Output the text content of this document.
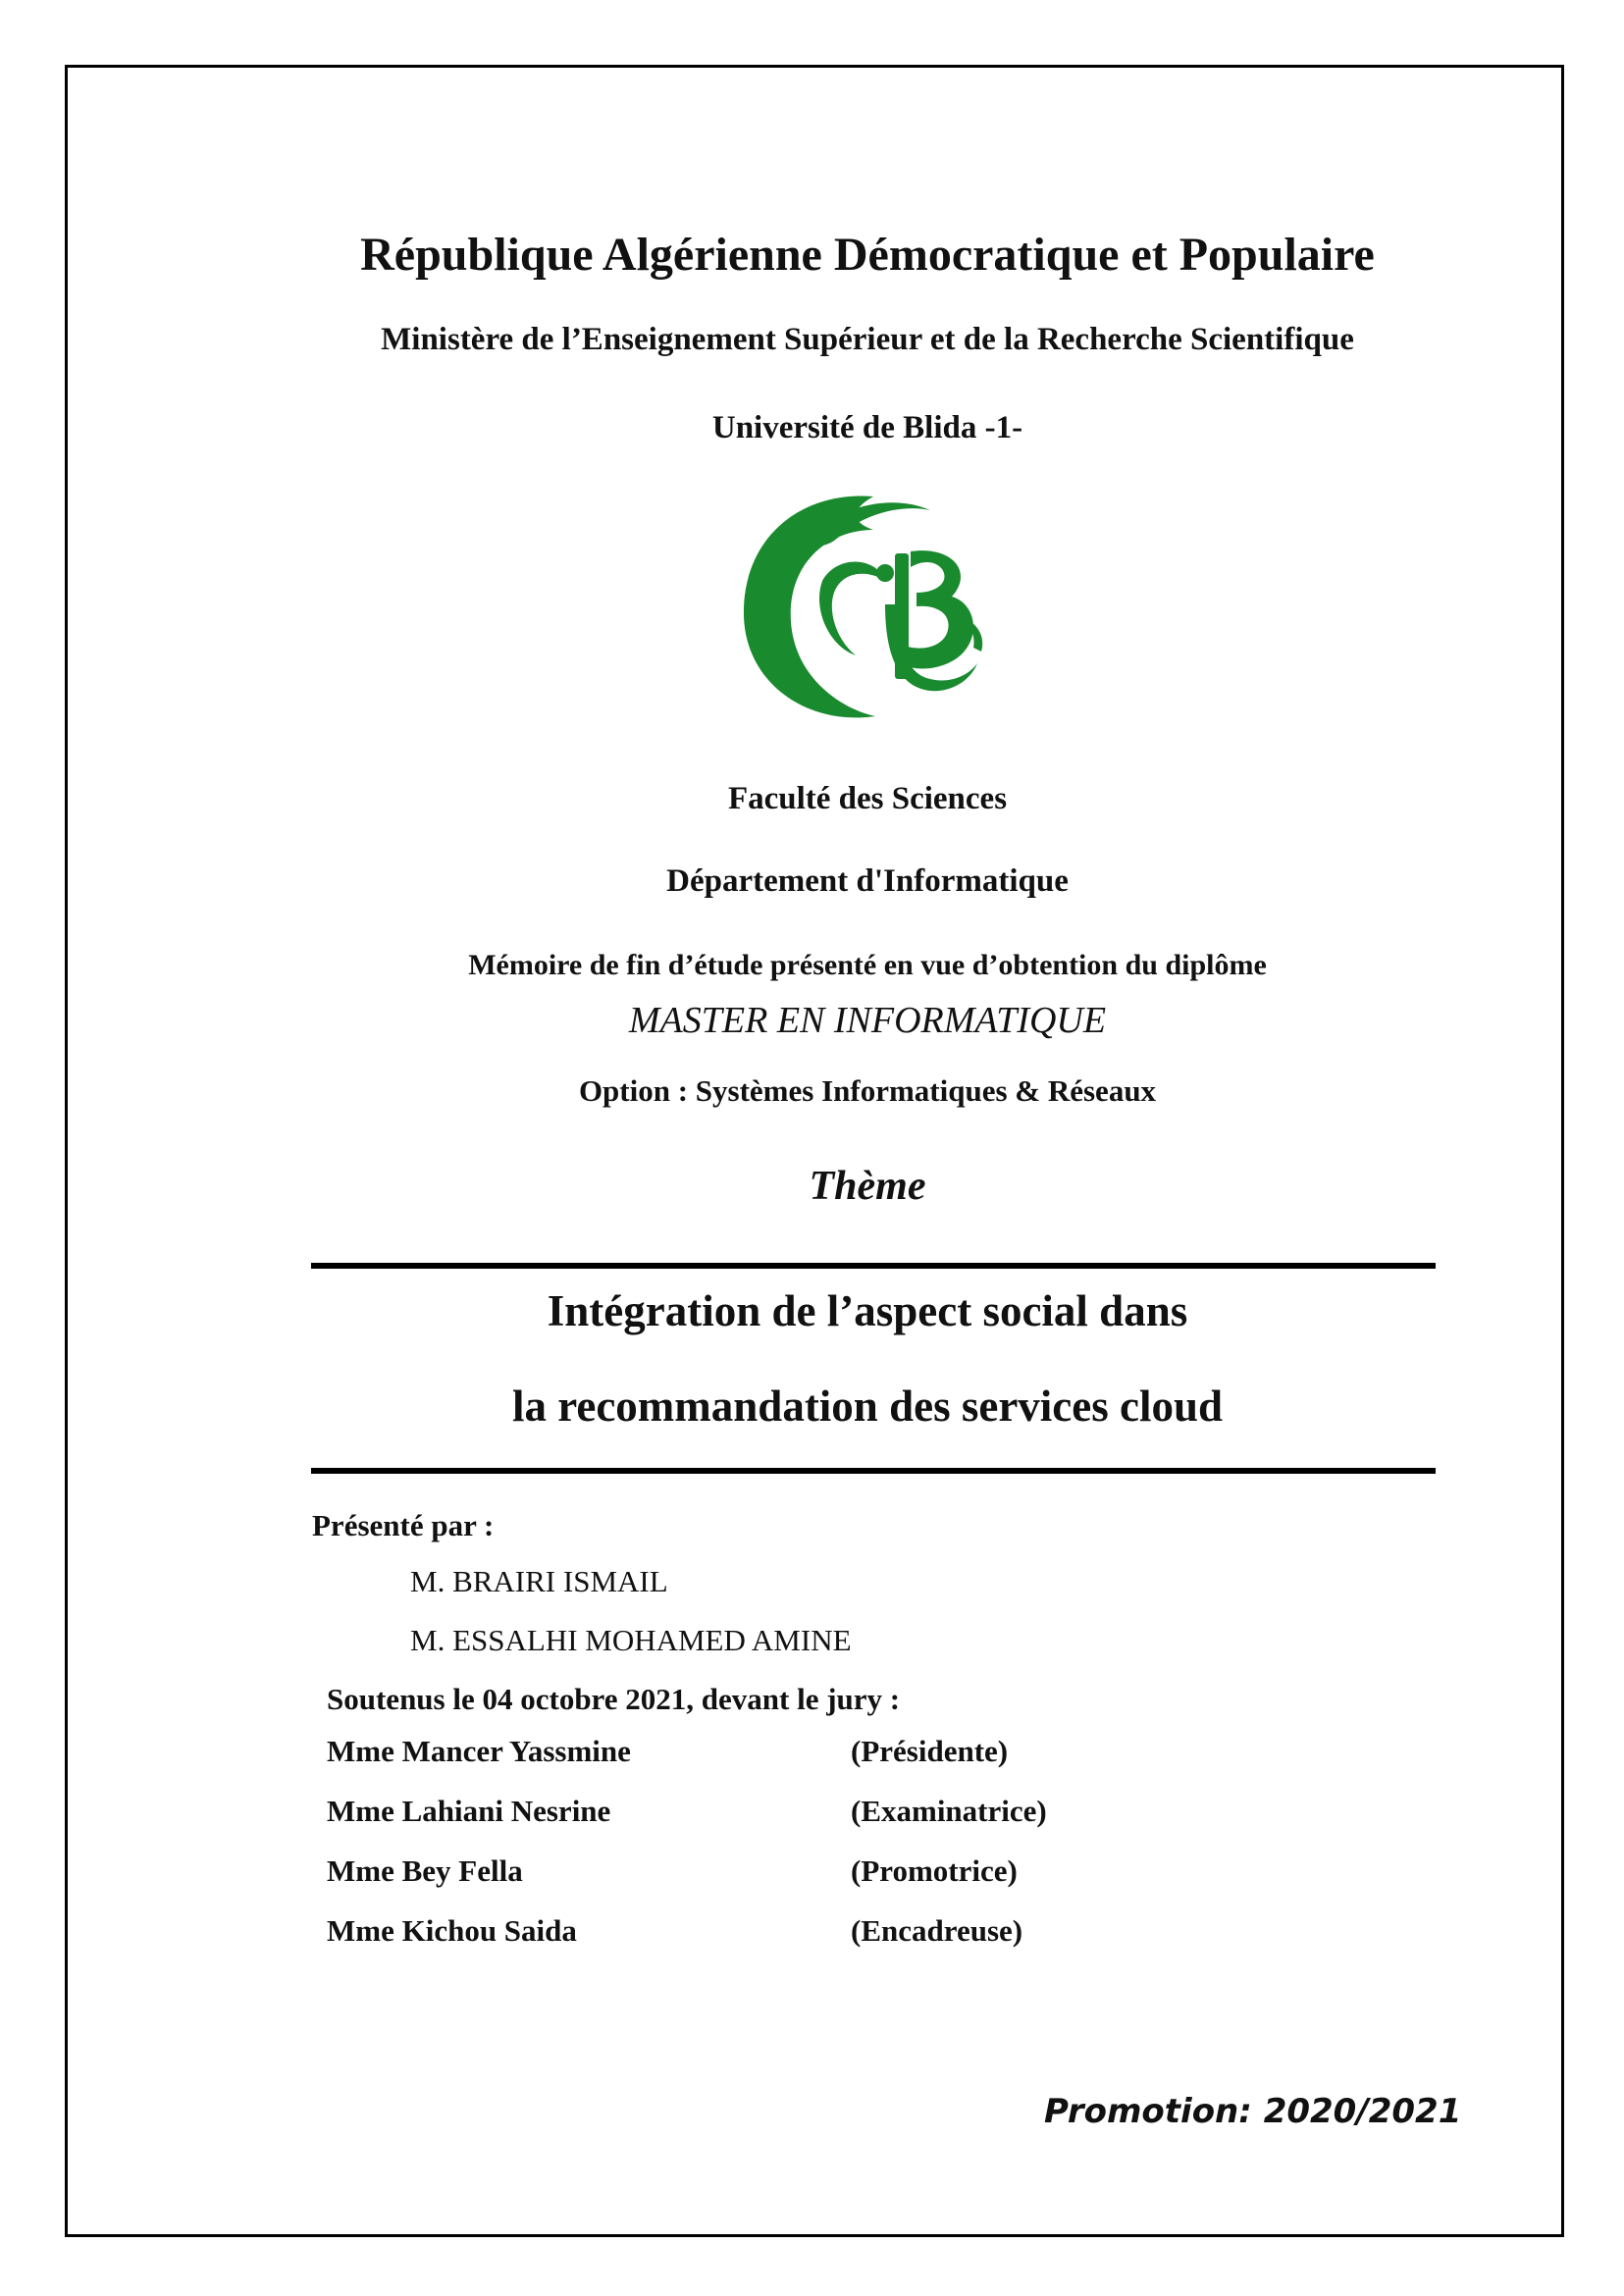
République Algérienne Démocratique et Populaire
Ministère de l’Enseignement Supérieur et de la Recherche Scientifique
Université de Blida -1-
Faculté des Sciences
Département d'Informatique
Mémoire de fin d’étude présenté en vue d’obtention du diplôme
MASTER EN INFORMATIQUE
Option : Systèmes Informatiques & Réseaux
Thème
Intégration de l’aspect social dans
la recommandation des services cloud
Présenté par :
M. BRAIRI ISMAIL
M. ESSALHI MOHAMED AMINE
Soutenus le 04 octobre 2021, devant le jury :
Mme Mancer Yassmine	(Présidente)
Mme Lahiani Nesrine	(Examinatrice)
Mme Bey Fella	(Promotrice)
Mme Kichou Saida	(Encadreuse)
Promotion: 2020/2021
